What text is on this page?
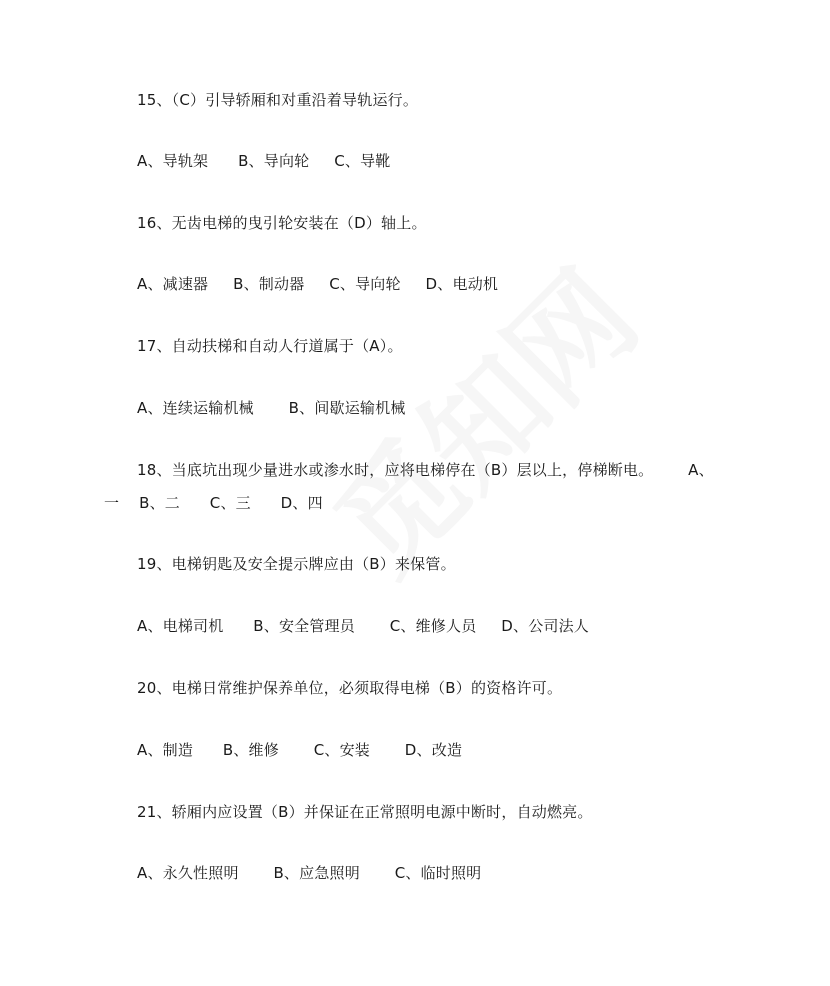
15、（C）引导轿厢和对重沿着导轨运行。
A、导轨架      B、导向轮     C、导靴
16、无齿电梯的曳引轮安装在（D）轴上。
A、减速器     B、制动器     C、导向轮     D、电动机
17、自动扶梯和自动人行道属于（A）。
A、连续运输机械       B、间歇运输机械
18、当底坑出现少量进水或渗水时，应将电梯停在（B）层以上，停梯断电。       A、
一    B、二      C、三      D、四
19、电梯钥匙及安全提示牌应由（B）来保管。
A、电梯司机      B、安全管理员       C、维修人员     D、公司法人
20、电梯日常维护保养单位，必须取得电梯（B）的资格许可。
A、制造      B、维修       C、安装       D、改造
21、轿厢内应设置（B）并保证在正常照明电源中断时，自动燃亮。
A、永久性照明       B、应急照明       C、临时照明
